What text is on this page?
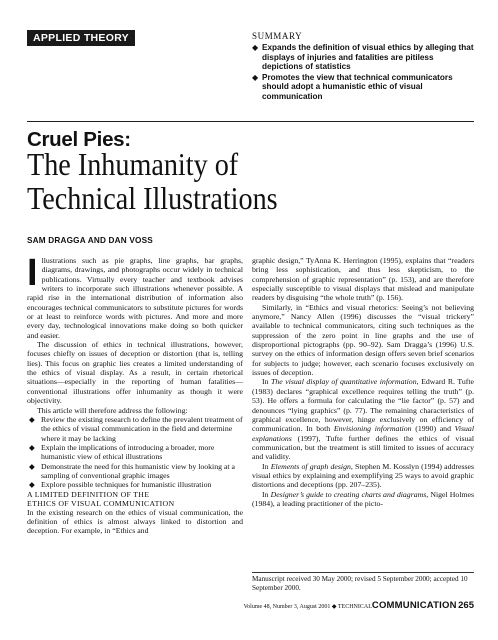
APPLIED THEORY	SUMMARY

◆ Expands the definition of visual ethics by alleging that displays of injuries and fatalities are pitiless depictions of statistics
◆ Promotes the view that technical communicators should adopt a humanistic ethic of visual communication
Cruel Pies:
The Inhumanity of
Technical Illustrations
SAM DRAGGA AND DAN VOSS

Illustrations such as pie graphs, line graphs, bar graphs, diagrams, drawings, and photographs occur widely in technical publications. Virtually every teacher and textbook advises writers to incorporate such illustrations whenever possible. A rapid rise in the international distribution of information also encourages technical communicators to substitute pictures for words or at least to reinforce words with pictures. And more and more every day, technological innovations make doing so both quicker and easier.

The discussion of ethics in technical illustrations, however, focuses chiefly on issues of deception or distortion (that is, telling lies). This focus on graphic lies creates a limited understanding of the ethics of visual display. As a result, in certain rhetorical situations—especially in the reporting of human fatalities—conventional illustrations offer inhumanity as though it were objectivity.

This article will therefore address the following:

◆ Review the existing research to define the prevalent treatment of the ethics of visual communication in the field and determine where it may be lacking
◆ Explain the implications of introducing a broader, more humanistic view of ethical illustrations
◆ Demonstrate the need for this humanistic view by looking at a sampling of conventional graphic images
◆ Explore possible techniques for humanistic illustration

A LIMITED DEFINITION OF THE
ETHICS OF VISUAL COMMUNICATION

In the existing research on the ethics of visual communication, the definition of ethics is almost always linked to distortion and deception. For example, in “Ethics and

graphic design,” TyAnna K. Herrington (1995), explains that “readers bring less sophistication, and thus less skepticism, to the comprehension of graphic representation” (p. 153), and are therefore especially susceptible to visual displays that mislead and manipulate readers by disguising “the whole truth” (p. 156).

Similarly, in “Ethics and visual rhetorics: Seeing’s not believing anymore,” Nancy Allen (1996) discusses the “visual trickery” available to technical communicators, citing such techniques as the suppression of the zero point in line graphs and the use of disproportional pictographs (pp. 90–92). Sam Dragga’s (1996) U.S. survey on the ethics of information design offers seven brief scenarios for subjects to judge; however, each scenario focuses exclusively on issues of deception.

In The visual display of quantitative information, Edward R. Tufte (1983) declares “graphical excellence requires telling the truth” (p. 53). He offers a formula for calculating the “lie factor” (p. 57) and denounces “lying graphics” (p. 77). The remaining characteristics of graphical excellence, however, hinge exclusively on efficiency of communication. In both Envisioning information (1990) and Visual explanations (1997), Tufte further defines the ethics of visual communication, but the treatment is still limited to issues of accuracy and validity.

In Elements of graph design, Stephen M. Kosslyn (1994) addresses visual ethics by explaining and exemplifying 25 ways to avoid graphic distortions and deceptions (pp. 207–235).

In Designer’s guide to creating charts and diagrams, Nigel Holmes (1984), a leading practitioner of the picto-

Manuscript received 30 May 2000; revised 5 September 2000; accepted 10 September 2000.
Volume 48, Number 3, August 2001 ◆ TECHNICALCOMMUNICATION 265
